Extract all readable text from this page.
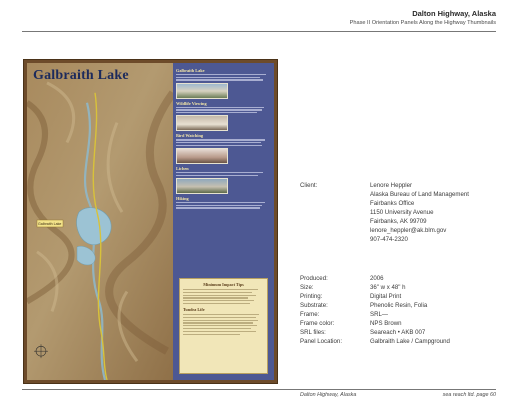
Dalton Highway, Alaska
Phase II Orientation Panels Along the Highway Thumbnails
Galbraith Lake
Galbraith Lake
Galbraith Lake
Wildlife Viewing
Bird Watching
Lichen
Hiking
Minimum Impact Tips
Tundra Life
Client:	Lenore Heppler
Alaska Bureau of Land Management
Fairbanks Office
1150 University Avenue
Fairbanks, AK 99709
lenore_heppler@ak.blm.gov
907-474-2320
Produced:	2006
Size:	36" w x 48" h
Printing:	Digital Print
Substrate:	Phenolic Resin, Folia
Frame:	SRL—
Frame color:	NPS Brown
SRL files:	Seareach • AKB 007
Panel Location:	Galbraith Lake / Campground
Dalton Highway, Alaska	sea reach ltd. page 60
